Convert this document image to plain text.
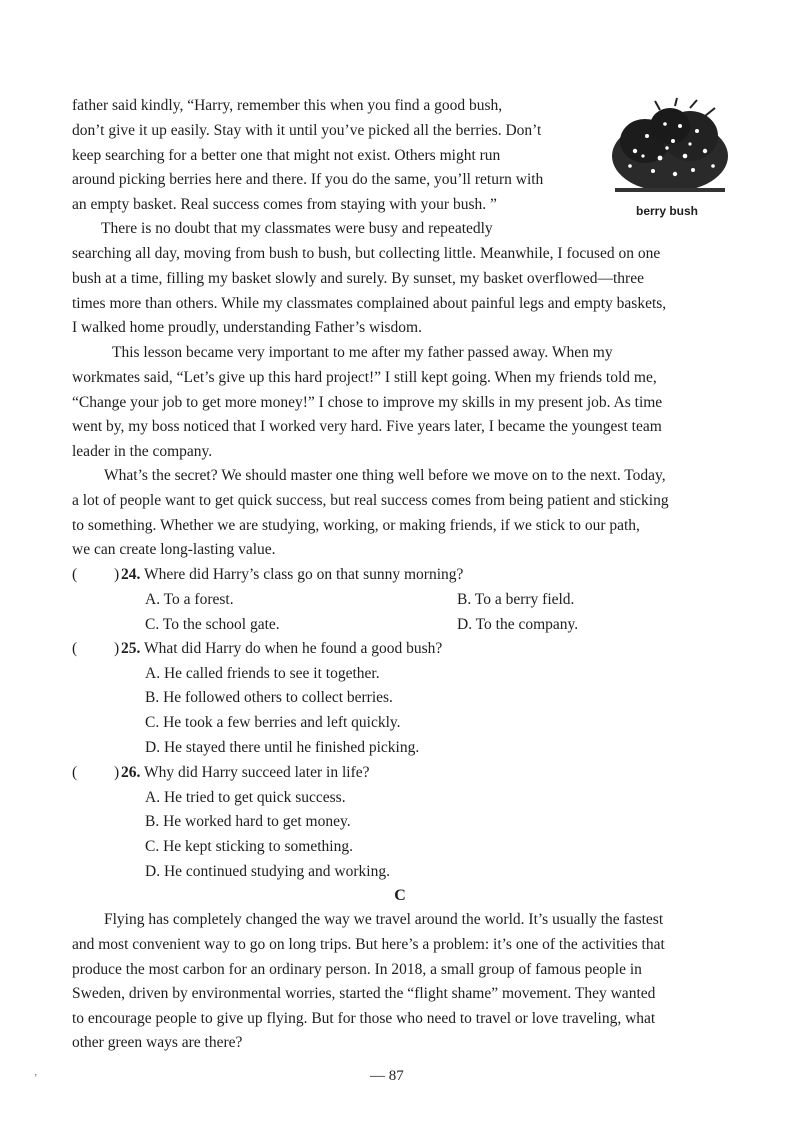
father said kindly, “Harry, remember this when you find a good bush,
don’t give it up easily. Stay with it until you’ve picked all the berries. Don’t
keep searching for a better one that might not exist. Others might run
around picking berries here and there. If you do the same, you’ll return with
an empty basket. Real success comes from staying with your bush. ”
There is no doubt that my classmates were busy and repeatedly
berry bush
searching all day, moving from bush to bush, but collecting little. Meanwhile, I focused on one
bush at a time, filling my basket slowly and surely. By sunset, my basket overflowed—three
times more than others. While my classmates complained about painful legs and empty baskets,
I walked home proudly, understanding Father’s wisdom.
This lesson became very important to me after my father passed away. When my
workmates said, “Let’s give up this hard project!” I still kept going. When my friends told me,
“Change your job to get more money!” I chose to improve my skills in my present job. As time
went by, my boss noticed that I worked very hard. Five years later, I became the youngest team
leader in the company.
What’s the secret? We should master one thing well before we move on to the next. Today,
a lot of people want to get quick success, but real success comes from being patient and sticking
to something. Whether we are studying, working, or making friends, if we stick to our path,
we can create long-lasting value.
( ) 24. Where did Harry’s class go on that sunny morning?
A. To a forest.	B. To a berry field.
C. To the school gate.	D. To the company.
( ) 25. What did Harry do when he found a good bush?
A. He called friends to see it together.
B. He followed others to collect berries.
C. He took a few berries and left quickly.
D. He stayed there until he finished picking.
( ) 26. Why did Harry succeed later in life?
A. He tried to get quick success.
B. He worked hard to get money.
C. He kept sticking to something.
D. He continued studying and working.
C
Flying has completely changed the way we travel around the world. It’s usually the fastest
and most convenient way to go on long trips. But here’s a problem: it’s one of the activities that
produce the most carbon for an ordinary person. In 2018, a small group of famous people in
Sweden, driven by environmental worries, started the “flight shame” movement. They wanted
to encourage people to give up flying. But for those who need to travel or love traveling, what
other green ways are there?
— 87
’
